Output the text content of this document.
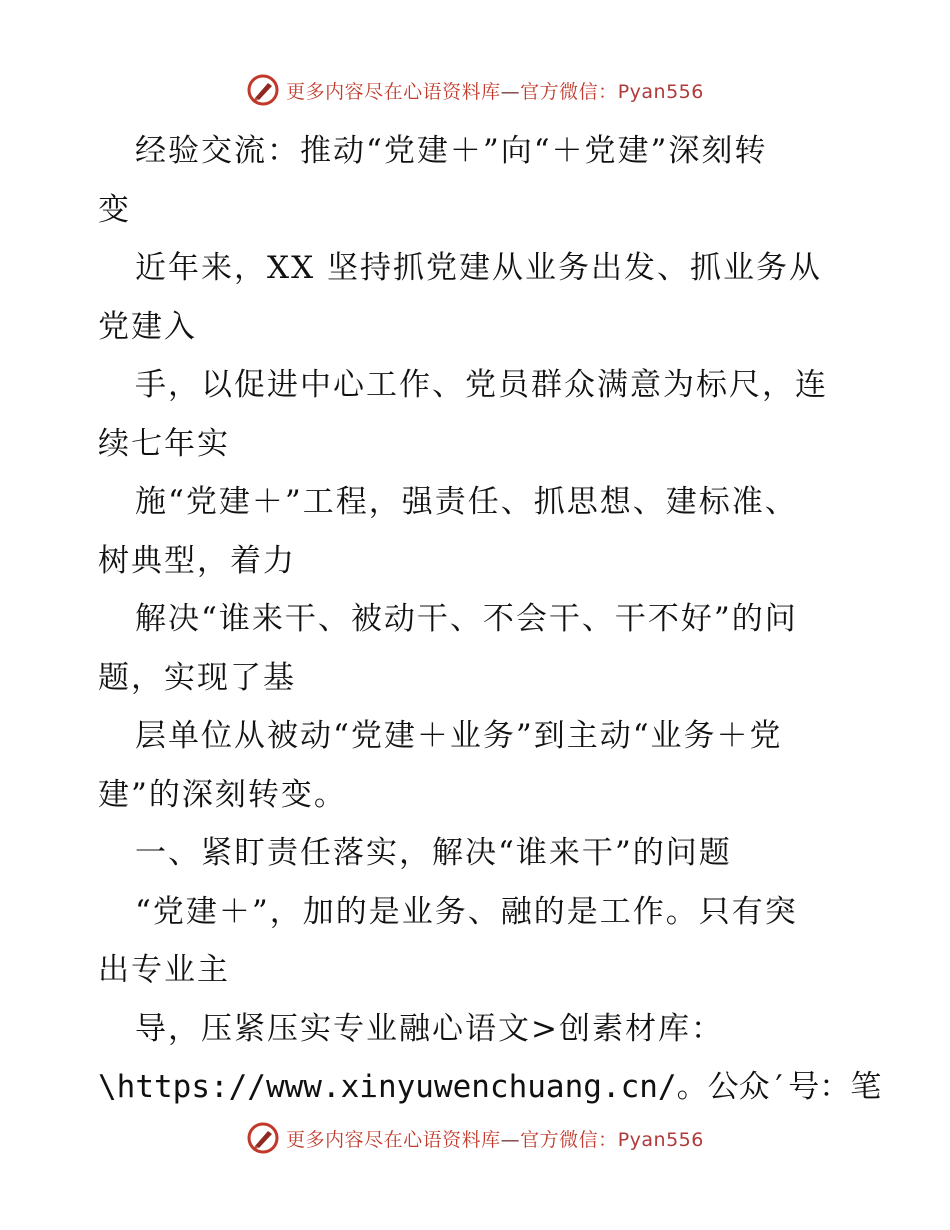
更多内容尽在心语资料库—官方微信：Pyan556
经验交流：推动“党建＋”向“＋党建”深刻转
变
近年来，XX 坚持抓党建从业务出发、抓业务从
党建入
手，以促进中心工作、党员群众满意为标尺，连
续七年实
施“党建＋”工程，强责任、抓思想、建标准、
树典型，着力
解决“谁来干、被动干、不会干、干不好”的问
题，实现了基
层单位从被动“党建＋业务”到主动“业务＋党
建”的深刻转变。
一、紧盯责任落实，解决“谁来干”的问题
“党建＋”，加的是业务、融的是工作。只有突
出专业主
导，压紧压实专业融心语文>创素材库：
\https://www.xinyuwenchuang.cn/。公众′号：笔
更多内容尽在心语资料库—官方微信：Pyan556
